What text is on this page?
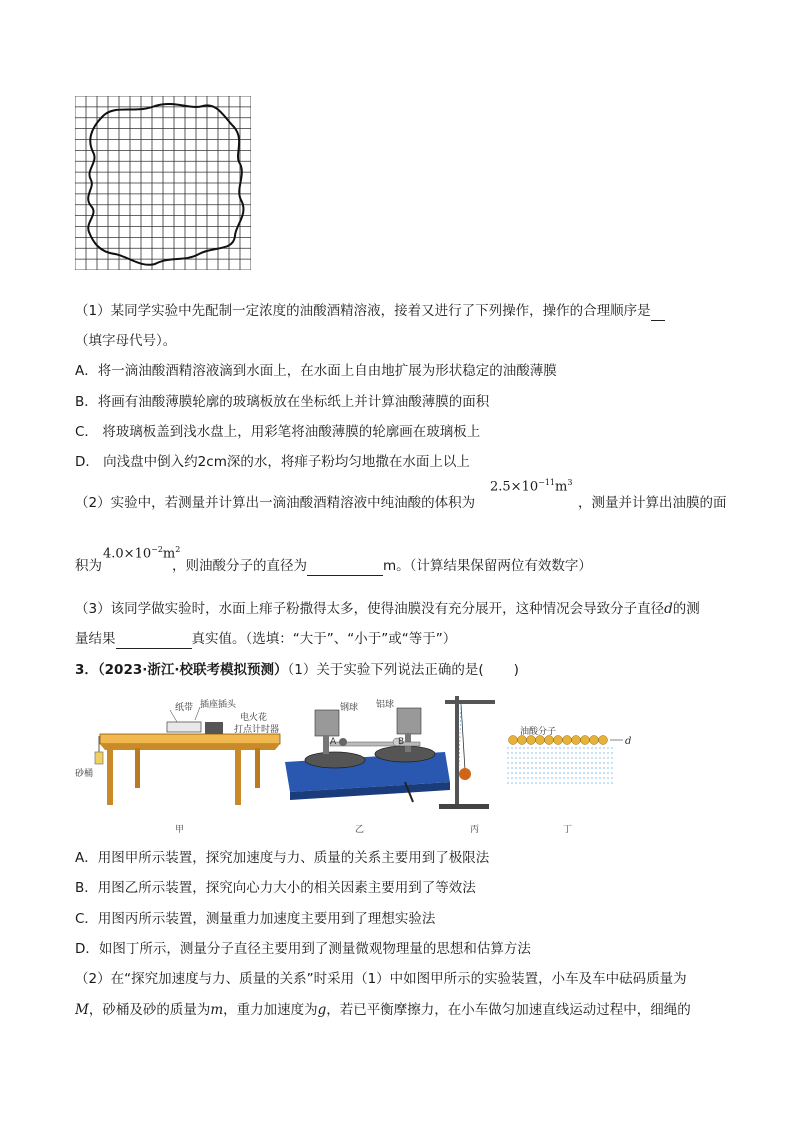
（1）某同学实验中先配制一定浓度的油酸酒精溶液，接着又进行了下列操作，操作的合理顺序是
（填字母代号）。
A．将一滴油酸酒精溶液滴到水面上，在水面上自由地扩展为形状稳定的油酸薄膜
B．将画有油酸薄膜轮廓的玻璃板放在坐标纸上并计算油酸薄膜的面积
C． 将玻璃板盖到浅水盘上，用彩笔将油酸薄膜的轮廓画在玻璃板上
D． 向浅盘中倒入约2cm深的水，将痱子粉均匀地撒在水面上以上
（2）实验中，若测量并计算出一滴油酸酒精溶液中纯油酸的体积为
$2.5\times 10^{-11}m^3$
，测量并计算出油膜的面
$4.0\times 10^{-2}m^2$
积为	，则油酸分子的直径为	m。（计算结果保留两位有效数字）
（3）该同学做实验时，水面上痱子粉撒得太多，使得油膜没有充分展开，这种情况会导致分子直径d的测
量结果	真实值。（选填：“大于”、“小于”或“等于”）
3．（2023·浙江·校联考模拟预测）（1）关于实验下列说法正确的是( )
纸带 插座插头
电火花
打点计时器
砂桶
钢球 铝球
A	B
油酸分子
d
甲	乙	丙	丁
A．用图甲所示装置，探究加速度与力、质量的关系主要用到了极限法
B．用图乙所示装置，探究向心力大小的相关因素主要用到了等效法
C．用图丙所示装置，测量重力加速度主要用到了理想实验法
D．如图丁所示，测量分子直径主要用到了测量微观物理量的思想和估算方法
（2）在“探究加速度与力、质量的关系”时采用（1）中如图甲所示的实验装置，小车及车中砝码质量为
M，砂桶及砂的质量为m，重力加速度为g，若已平衡摩擦力，在小车做匀加速直线运动过程中，细绳的
